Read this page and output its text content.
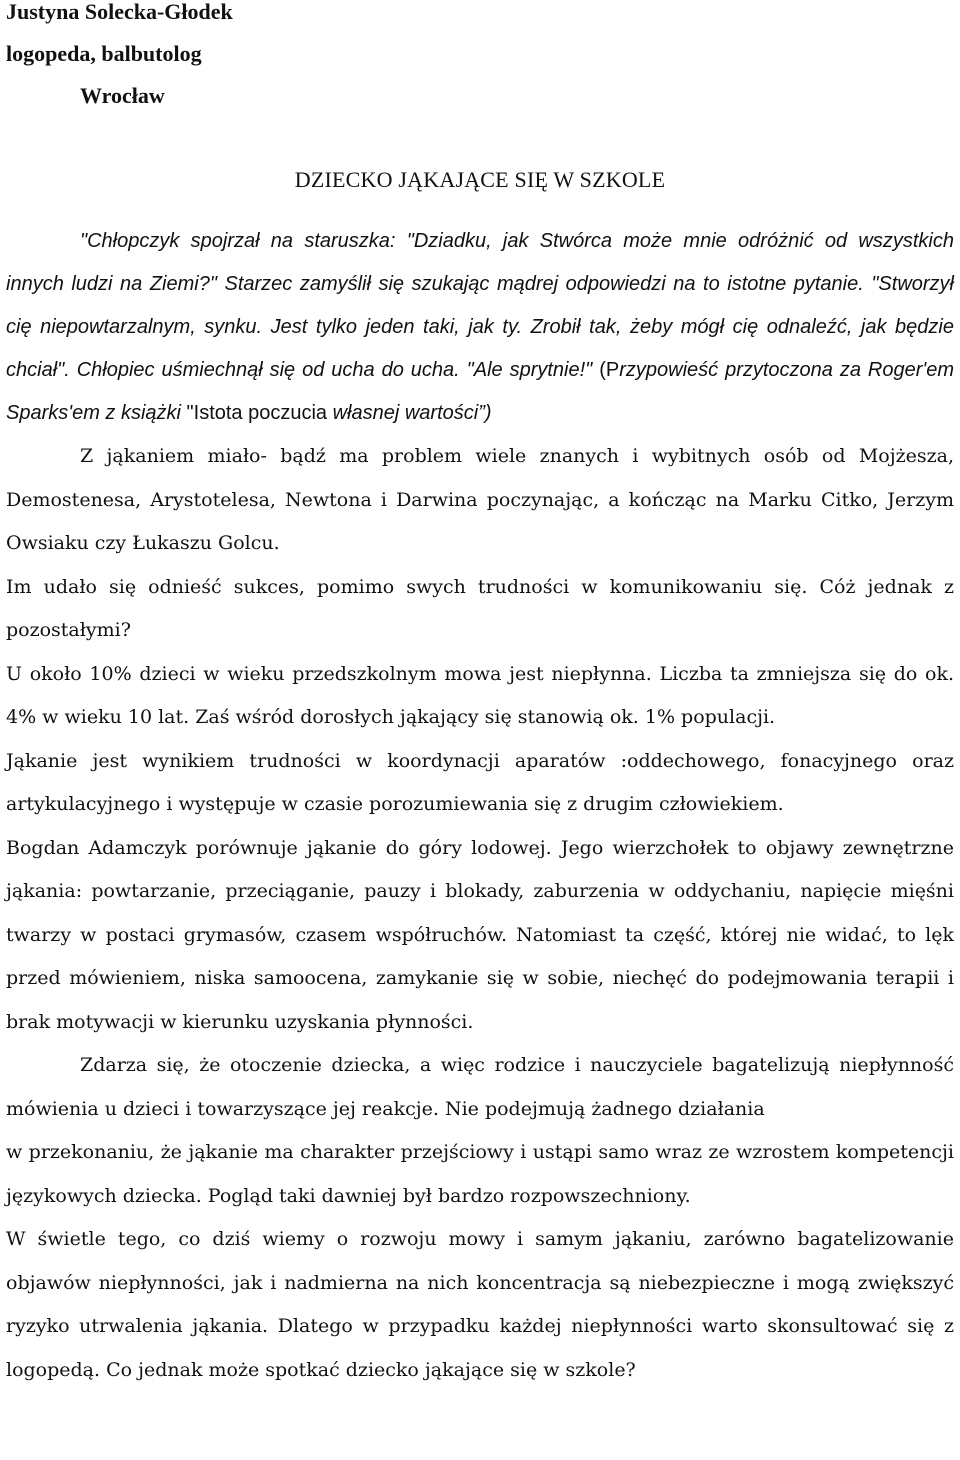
Justyna Solecka-Głodek

logopeda, balbutolog

Wrocław

DZIECKO JĄKAJĄCE SIĘ W SZKOLE

"Chłopczyk spojrzał na staruszka: "Dziadku, jak Stwórca może mnie odróżnić od wszystkich innych ludzi na Ziemi?" Starzec zamyślił się szukając mądrej odpowiedzi na to istotne pytanie. "Stworzył cię niepowtarzalnym, synku. Jest tylko jeden taki, jak ty. Zrobił tak, żeby mógł cię odnaleźć, jak będzie chciał". Chłopiec uśmiechnął się od ucha do ucha. "Ale sprytnie!" (Przypowieść przytoczona za Roger'em Sparks'em z książki "Istota poczucia własnej wartości”)

Z jąkaniem miało- bądź ma problem wiele znanych i wybitnych osób od Mojżesza, Demostenesa, Arystotelesa, Newtona i Darwina poczynając, a kończąc na Marku Citko, Jerzym Owsiaku czy Łukaszu Golcu.

Im udało się odnieść sukces, pomimo swych trudności w komunikowaniu się. Cóż jednak z pozostałymi?

U około 10% dzieci w wieku przedszkolnym mowa jest niepłynna. Liczba ta zmniejsza się do ok. 4% w wieku 10 lat. Zaś wśród dorosłych jąkający się stanowią ok. 1% populacji.

Jąkanie jest wynikiem trudności w koordynacji aparatów :oddechowego, fonacyjnego oraz artykulacyjnego i występuje w czasie porozumiewania się z drugim człowiekiem.

Bogdan Adamczyk porównuje jąkanie do góry lodowej. Jego wierzchołek to objawy zewnętrzne jąkania: powtarzanie, przeciąganie, pauzy i blokady, zaburzenia w oddychaniu, napięcie mięśni twarzy w postaci grymasów, czasem współruchów. Natomiast ta część, której nie widać, to lęk przed mówieniem, niska samoocena, zamykanie się w sobie, niechęć do podejmowania terapii i brak motywacji w kierunku uzyskania płynności.

Zdarza się, że otoczenie dziecka, a więc rodzice i nauczyciele bagatelizują niepłynność mówienia u dzieci i towarzyszące jej reakcje. Nie podejmują żadnego działania

w przekonaniu, że jąkanie ma charakter przejściowy i ustąpi samo wraz ze wzrostem kompetencji językowych dziecka. Pogląd taki dawniej był bardzo rozpowszechniony.

W świetle tego, co dziś wiemy o rozwoju mowy i samym jąkaniu, zarówno bagatelizowanie objawów niepłynności, jak i nadmierna na nich koncentracja są niebezpieczne i mogą zwiększyć ryzyko utrwalenia jąkania. Dlatego w przypadku każdej niepłynności warto skonsultować się z logopedą. Co jednak może spotkać dziecko jąkające się w szkole?
